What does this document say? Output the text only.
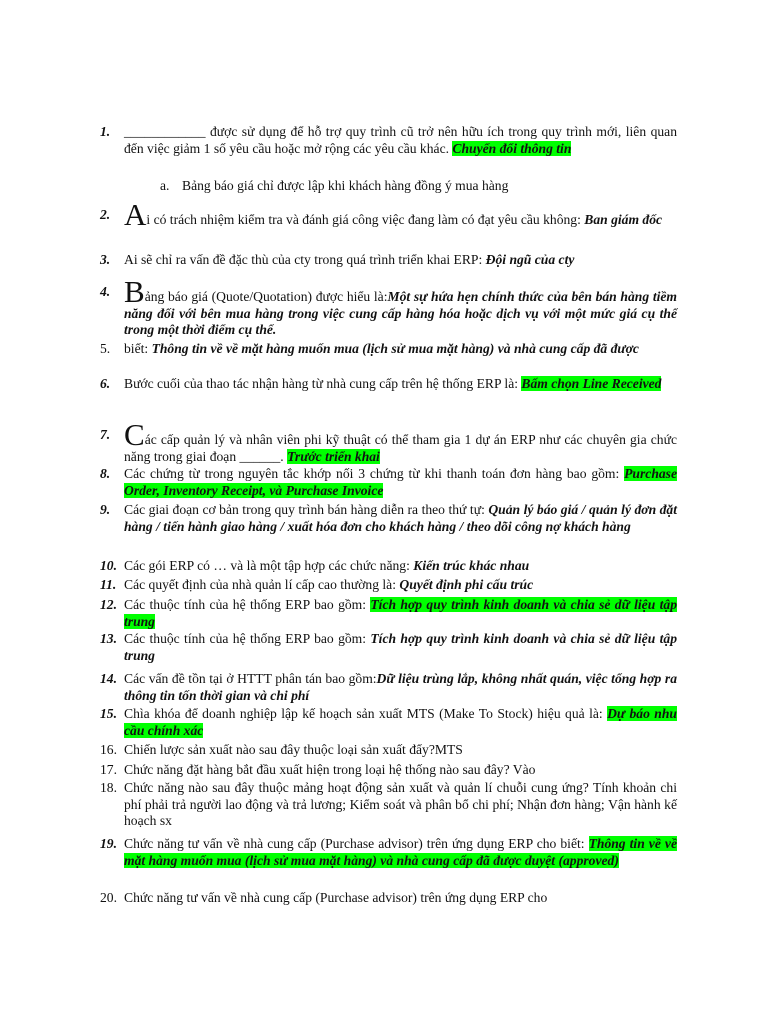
1.	____________ được sử dụng để hỗ trợ quy trình cũ trở nên hữu ích trong quy trình mới, liên quan đến việc giảm 1 số yêu cầu hoặc mở rộng các yêu cầu khác. Chuyển đổi thông tin

a. Bảng báo giá chỉ được lập khi khách hàng đồng ý mua hàng

2. Ai có trách nhiệm kiểm tra và đánh giá công việc đang làm có đạt yêu cầu không: Ban giám đốc

3.	Ai sẽ chỉ ra vấn đề đặc thù của cty trong quá trình triển khai ERP: Đội ngũ của cty

4. Bảng báo giá (Quote/Quotation) được hiểu là:Một sự hứa hẹn chính thức của bên bán hàng tiềm năng đối với bên mua hàng trong việc cung cấp hàng hóa hoặc dịch vụ với một mức giá cụ thể trong một thời điểm cụ thể.

5.	biết: Thông tin về về mặt hàng muốn mua (lịch sử mua mặt hàng) và nhà cung cấp đã được

6.	Bước cuối của thao tác nhận hàng từ nhà cung cấp trên hệ thống ERP là: Bấm chọn Line Received

7. Các cấp quản lý và nhân viên phi kỹ thuật có thể tham gia 1 dự án ERP như các chuyên gia chức năng trong giai đoạn ______. Trước triển khai

8.	Các chứng từ trong nguyên tắc khớp nối 3 chứng từ khi thanh toán đơn hàng bao gồm: Purchase Order, Inventory Receipt, và Purchase Invoice

9.	Các giai đoạn cơ bản trong quy trình bán hàng diễn ra theo thứ tự: Quản lý báo giá / quản lý đơn đặt hàng / tiến hành giao hàng / xuất hóa đơn cho khách hàng / theo dõi công nợ khách hàng

10. Các gói ERP có … và là một tập hợp các chức năng: Kiến trúc khác nhau

11. Các quyết định của nhà quản lí cấp cao thường là: Quyết định phi cấu trúc

12. Các thuộc tính của hệ thống ERP bao gồm: Tích hợp quy trình kinh doanh và chia sẻ dữ liệu tập trung

13. Các thuộc tính của hệ thống ERP bao gồm: Tích hợp quy trình kinh doanh và chia sẻ dữ liệu tập trung

14. Các vấn đề tồn tại ở HTTT phân tán bao gồm:Dữ liệu trùng lắp, không nhất quán, việc tổng hợp ra thông tin tốn thời gian và chi phí

15. Chìa khóa để doanh nghiệp lập kế hoạch sản xuất MTS (Make To Stock) hiệu quả là: Dự báo nhu cầu chính xác

16. Chiến lược sản xuất nào sau đây thuộc loại sản xuất đẩy?MTS

17. Chức năng đặt hàng bắt đầu xuất hiện trong loại hệ thống nào sau đây? Vào

18. Chức năng nào sau đây thuộc mảng hoạt động sản xuất và quản lí chuỗi cung ứng? Tính khoản chi phí phải trả người lao động và trả lương; Kiểm soát và phân bổ chi phí; Nhận đơn hàng; Vận hành kế hoạch sx

19. Chức năng tư vấn về nhà cung cấp (Purchase advisor) trên ứng dụng ERP cho biết: Thông tin về về mặt hàng muốn mua (lịch sử mua mặt hàng) và nhà cung cấp đã được duyệt (approved)

20. Chức năng tư vấn về nhà cung cấp (Purchase advisor) trên ứng dụng ERP cho
